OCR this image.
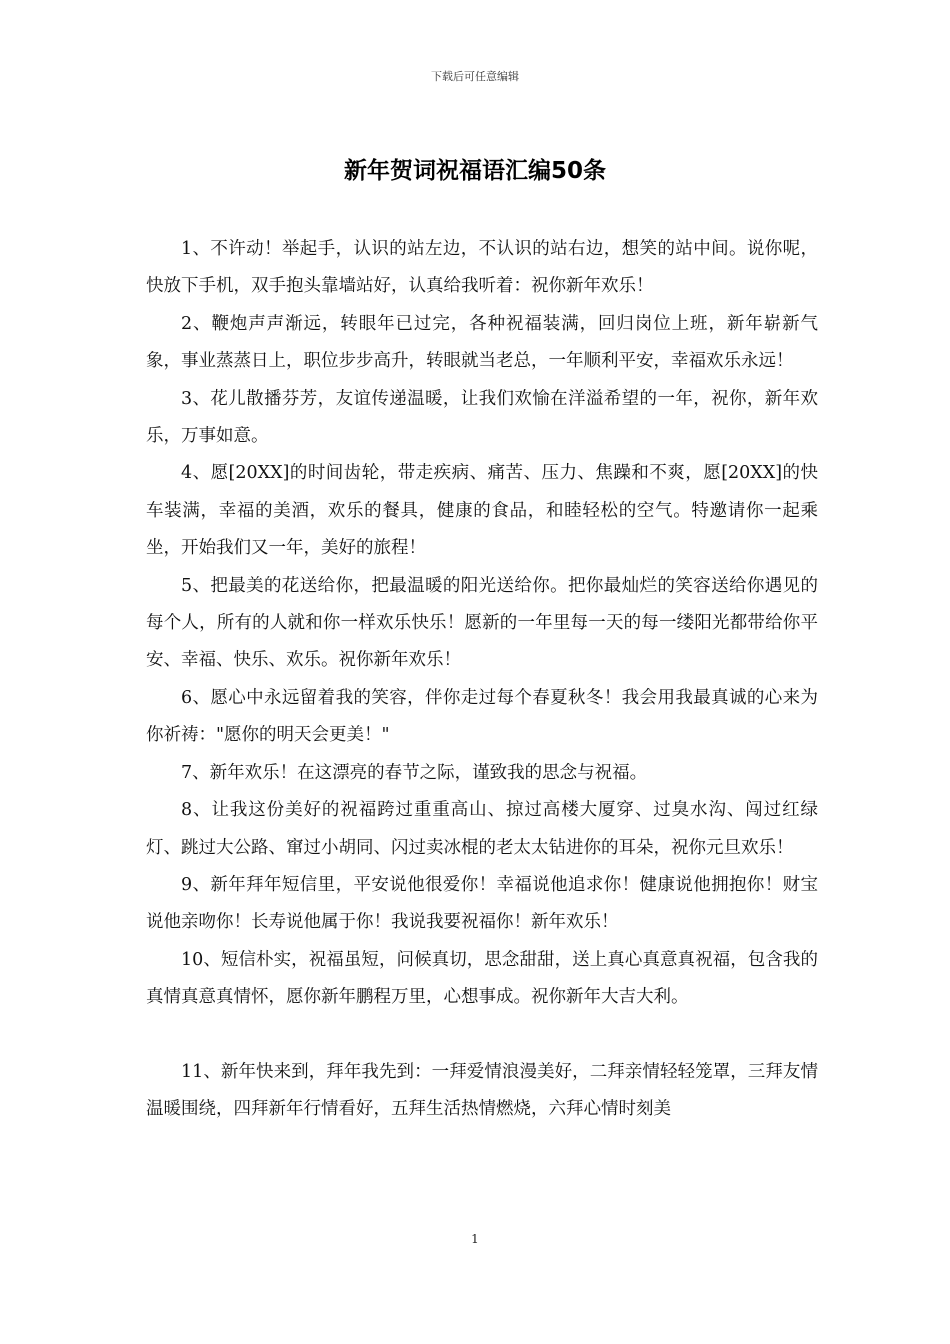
下载后可任意编辑
新年贺词祝福语汇编50条

1、不许动！举起手，认识的站左边，不认识的站右边，想笑的站中间。说你呢，快放下手机，双手抱头靠墙站好，认真给我听着：祝你新年欢乐！

2、鞭炮声声渐远，转眼年已过完，各种祝福装满，回归岗位上班，新年崭新气象，事业蒸蒸日上，职位步步高升，转眼就当老总，一年顺利平安，幸福欢乐永远！

3、花儿散播芬芳，友谊传递温暖，让我们欢愉在洋溢希望的一年，祝你，新年欢乐，万事如意。

4、愿[20XX]的时间齿轮，带走疾病、痛苦、压力、焦躁和不爽，愿[20XX]的快车装满，幸福的美酒，欢乐的餐具，健康的食品，和睦轻松的空气。特邀请你一起乘坐，开始我们又一年，美好的旅程！

5、把最美的花送给你，把最温暖的阳光送给你。把你最灿烂的笑容送给你遇见的每个人，所有的人就和你一样欢乐快乐！愿新的一年里每一天的每一缕阳光都带给你平安、幸福、快乐、欢乐。祝你新年欢乐！

6、愿心中永远留着我的笑容，伴你走过每个春夏秋冬！我会用我最真诚的心来为你祈祷："愿你的明天会更美！"

7、新年欢乐！在这漂亮的春节之际，谨致我的思念与祝福。

8、让我这份美好的祝福跨过重重高山、掠过高楼大厦穿、过臭水沟、闯过红绿灯、跳过大公路、窜过小胡同、闪过卖冰棍的老太太钻进你的耳朵，祝你元旦欢乐！

9、新年拜年短信里，平安说他很爱你！幸福说他追求你！健康说他拥抱你！财宝说他亲吻你！长寿说他属于你！我说我要祝福你！新年欢乐！

10、短信朴实，祝福虽短，问候真切，思念甜甜，送上真心真意真祝福，包含我的真情真意真情怀，愿你新年鹏程万里，心想事成。祝你新年大吉大利。

11、新年快来到，拜年我先到：一拜爱情浪漫美好，二拜亲情轻轻笼罩，三拜友情温暖围绕，四拜新年行情看好，五拜生活热情燃烧，六拜心情时刻美

1
